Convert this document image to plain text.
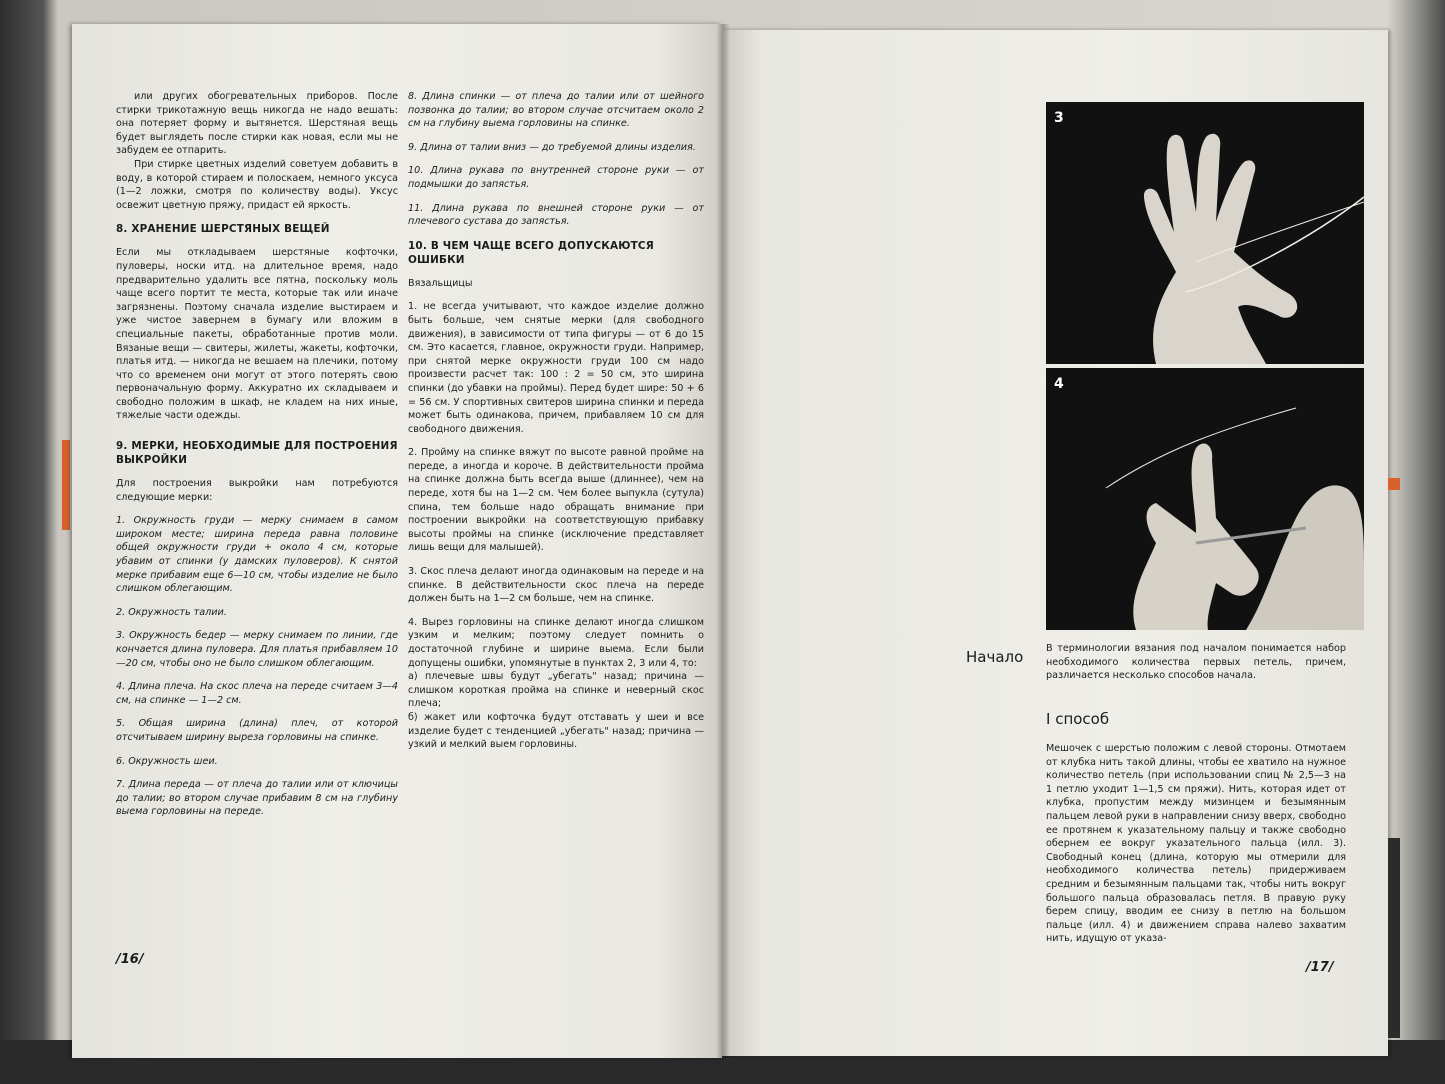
или других обогревательных приборов. После стирки трикотажную вещь никогда не надо вешать: она потеряет форму и вытянется. Шерстяная вещь будет выглядеть после стирки как новая, если мы не забудем ее отпарить.

При стирке цветных изделий советуем добавить в воду, в которой стираем и полоскаем, немного уксуса (1—2 ложки, смотря по количеству воды). Уксус освежит цветную пряжу, придаст ей яркость.

8. ХРАНЕНИЕ ШЕРСТЯНЫХ ВЕЩЕЙ

Если мы откладываем шерстяные кофточки, пуловеры, носки итд. на длительное время, надо предварительно удалить все пятна, поскольку моль чаще всего портит те места, которые так или иначе загрязнены. Поэтому сначала изделие выстираем и уже чистое завернем в бумагу или вложим в специальные пакеты, обработанные против моли. Вязаные вещи — свитеры, жилеты, жакеты, кофточки, платья итд. — никогда не вешаем на плечики, потому что со временем они могут от этого потерять свою первоначальную форму. Аккуратно их складываем и свободно положим в шкаф, не кладем на них иные, тяжелые части одежды.

9. МЕРКИ, НЕОБХОДИМЫЕ ДЛЯ ПОСТРОЕНИЯ ВЫКРОЙКИ

Для построения выкройки нам потребуются следующие мерки:

1. Окружность груди — мерку снимаем в самом широком месте; ширина переда равна половине общей окружности груди + около 4 см, которые убавим от спинки (у дамских пуловеров). К снятой мерке прибавим еще 6—10 см, чтобы изделие не было слишком облегающим.

2. Окружность талии.

3. Окружность бедер — мерку снимаем по линии, где кончается длина пуловера. Для платья прибавляем 10—20 см, чтобы оно не было слишком облегающим.

4. Длина плеча. На скос плеча на переде считаем 3—4 см, на спинке — 1—2 см.

5. Общая ширина (длина) плеч, от которой отсчитываем ширину выреза горловины на спинке.

6. Окружность шеи.

7. Длина переда — от плеча до талии или от ключицы до талии; во втором случае прибавим 8 см на глубину выема горловины на переде.

8. Длина спинки — от плеча до талии или от шейного позвонка до талии; во втором случае отсчитаем около 2 см на глубину выема горловины на спинке.

9. Длина от талии вниз — до требуемой длины изделия.

10. Длина рукава по внутренней стороне руки — от подмышки до запястья.

11. Длина рукава по внешней стороне руки — от плечевого сустава до запястья.

10. В ЧЕМ ЧАЩЕ ВСЕГО ДОПУСКАЮТСЯ ОШИБКИ

Вязальщицы

1. не всегда учитывают, что каждое изделие должно быть больше, чем снятые мерки (для свободного движения), в зависимости от типа фигуры — от 6 до 15 см. Это касается, главное, окружности груди. Например, при снятой мерке окружности груди 100 см надо произвести расчет так: 100 : 2 = 50 см, это ширина спинки (до убавки на проймы). Перед будет шире: 50 + 6 = 56 см. У спортивных свитеров ширина спинки и переда может быть одинакова, причем, прибавляем 10 см для свободного движения.

2. Пройму на спинке вяжут по высоте равной пройме на переде, а иногда и короче. В действительности пройма на спинке должна быть всегда выше (длиннее), чем на переде, хотя бы на 1—2 см. Чем более выпукла (сутула) спина, тем больше надо обращать внимание при построении выкройки на соответствующую прибавку высоты проймы на спинке (исключение представляет лишь вещи для малышей).

3. Скос плеча делают иногда одинаковым на переде и на спинке. В действительности скос плеча на переде должен быть на 1—2 см больше, чем на спинке.

4. Вырез горловины на спинке делают иногда слишком узким и мелким; поэтому следует помнить о достаточной глубине и ширине выема. Если были допущены ошибки, упомянутые в пунктах 2, 3 или 4, то:

а) плечевые швы будут „убегать" назад; причина — слишком короткая пройма на спинке и неверный скос плеча;

б) жакет или кофточка будут отставать у шеи и все изделие будет с тенденцией „убегать" назад; причина — узкий и мелкий выем горловины.

/16/
3
4
Начало В терминологии вязания под началом понимается набор необходимого количества первых петель, причем, различается несколько способов начала.
I способ
Мешочек с шерстью положим с левой стороны. Отмотаем от клубка нить такой длины, чтобы ее хватило на нужное количество петель (при использовании спиц № 2,5—3 на 1 петлю уходит 1—1,5 см пряжи). Нить, которая идет от клубка, пропустим между мизинцем и безымянным пальцем левой руки в направлении снизу вверх, свободно ее протянем к указательному пальцу и также свободно обернем ее вокруг указательного пальца (илл. 3). Свободный конец (длина, которую мы отмерили для необходимого количества петель) придерживаем средним и безымянным пальцами так, чтобы нить вокруг большого пальца образовалась петля. В правую руку берем спицу, вводим ее снизу в петлю на большом пальце (илл. 4) и движением справа налево захватим нить, идущую от указа-
/17/
